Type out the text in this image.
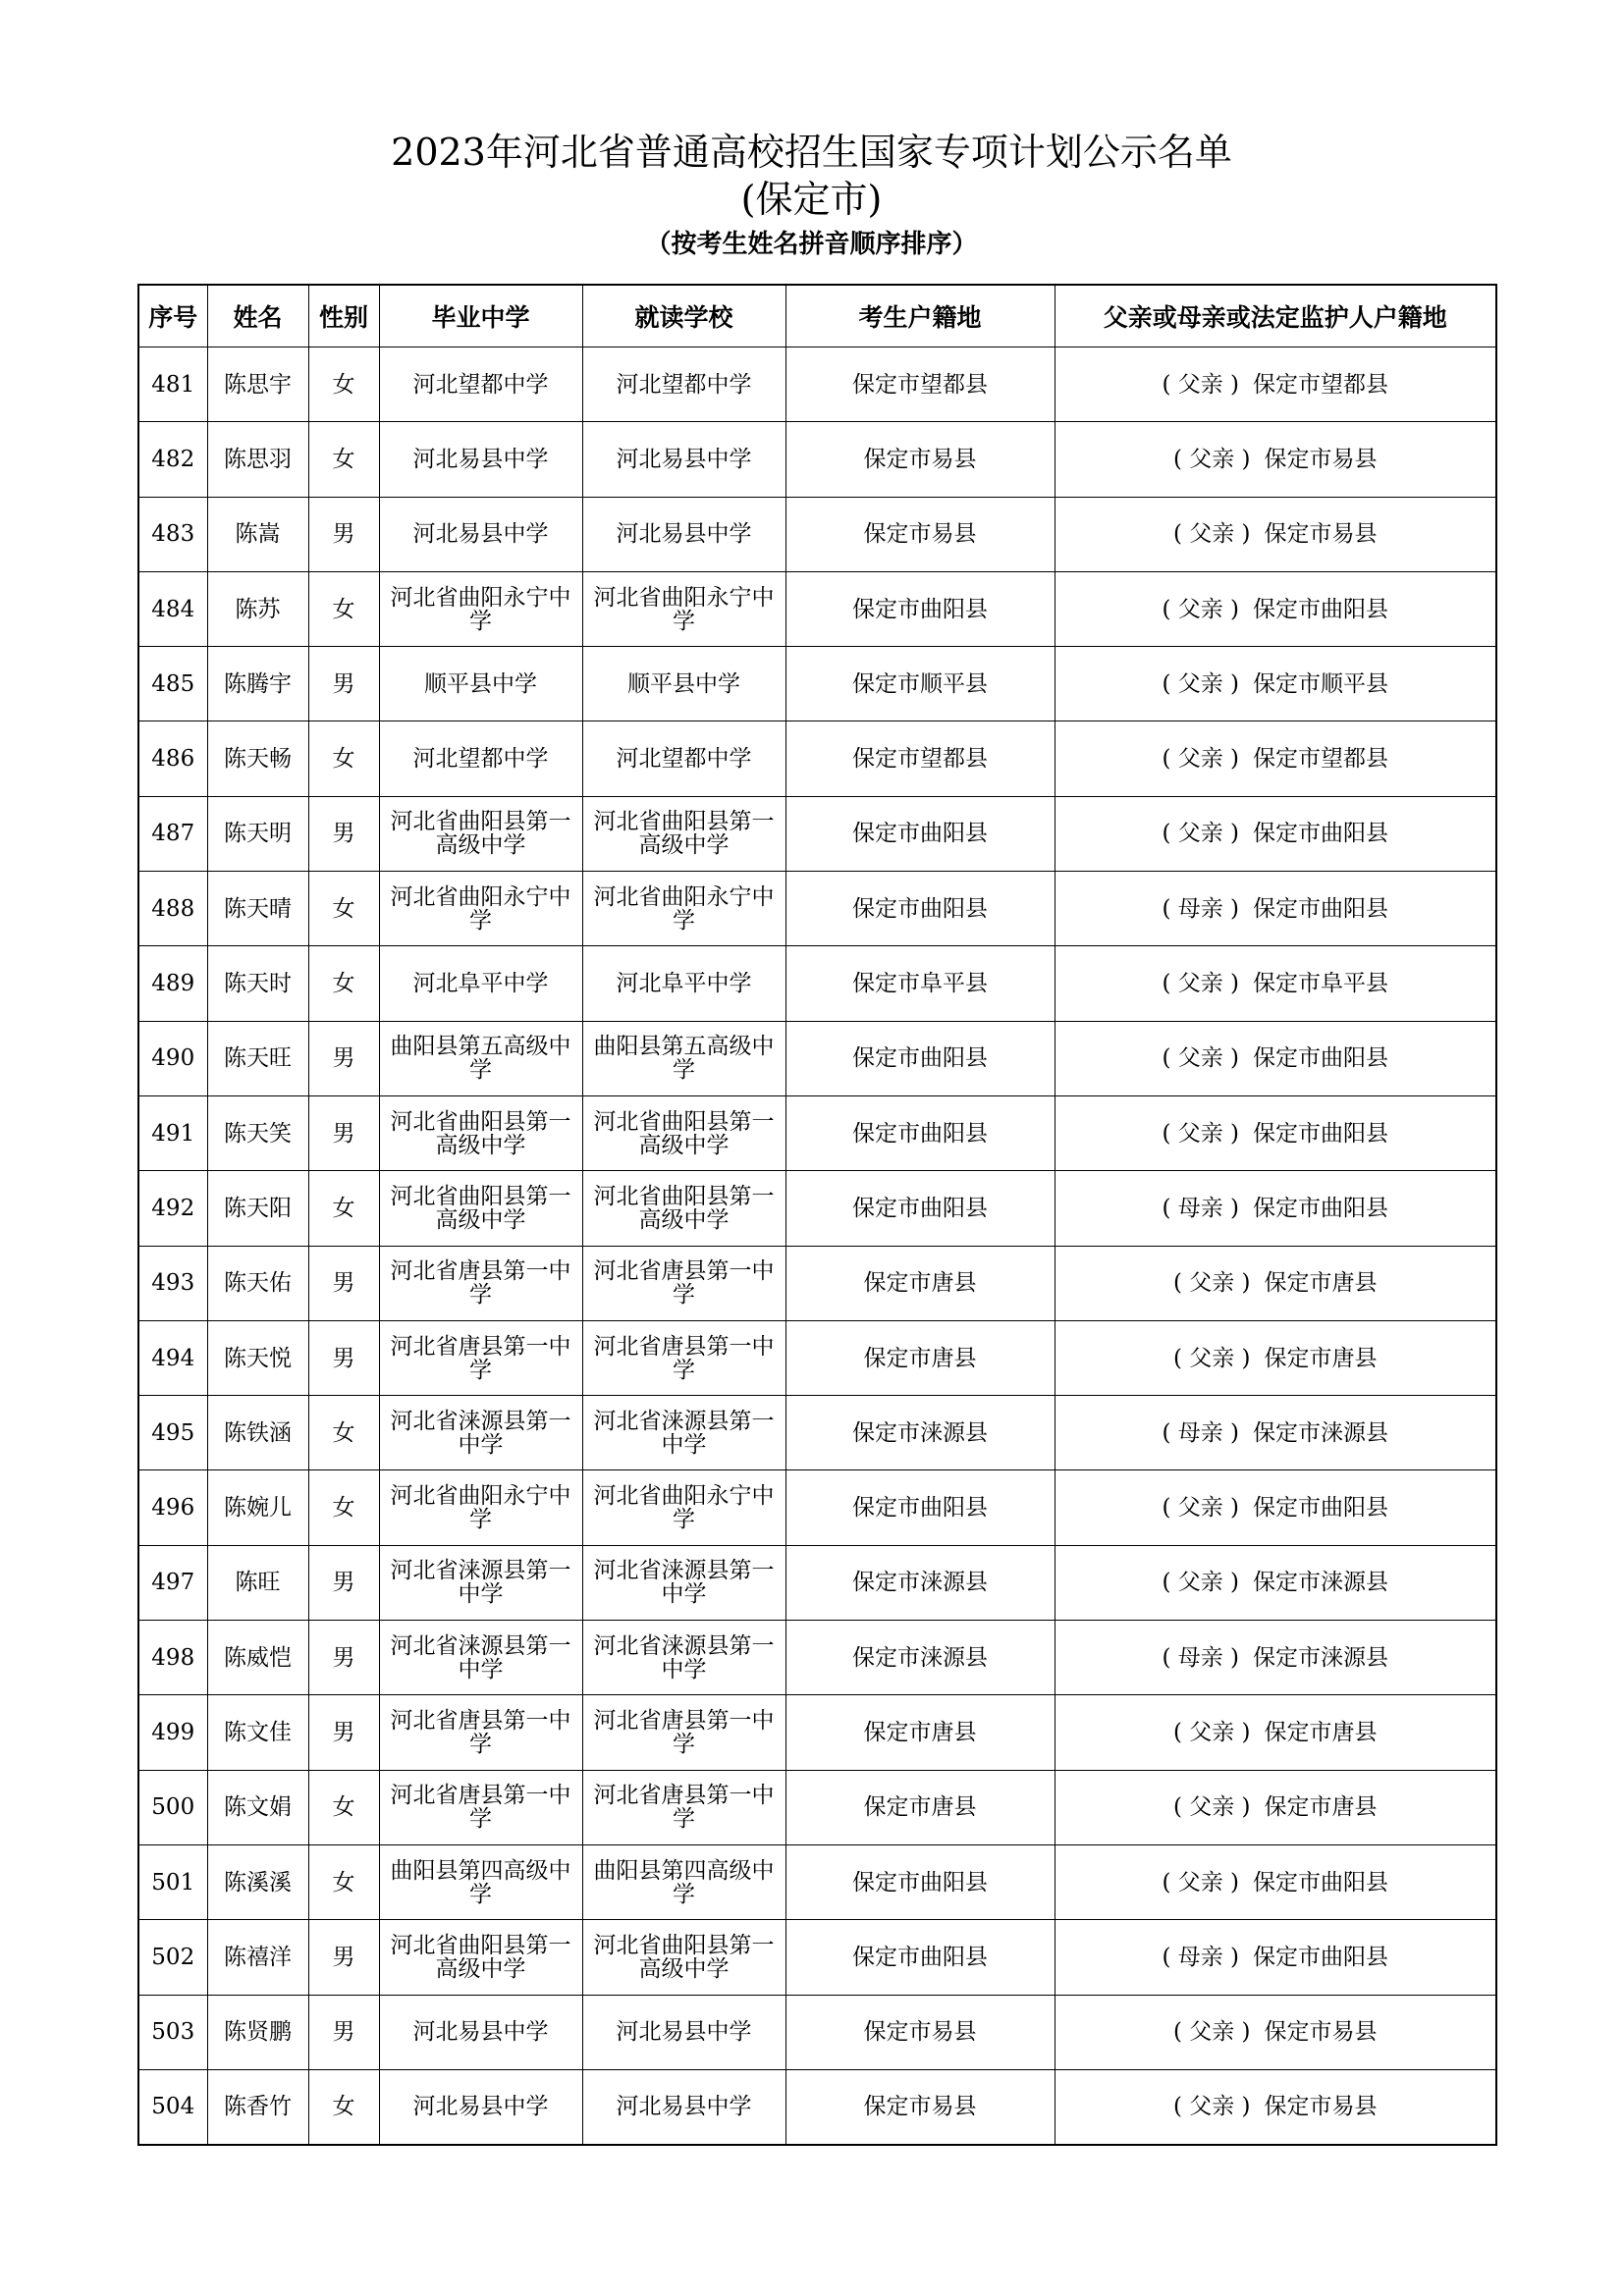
2023年河北省普通高校招生国家专项计划公示名单
(保定市)
（按考生姓名拼音顺序排序）
序号	姓名	性别	毕业中学	就读学校	考生户籍地	父亲或母亲或法定监护人户籍地
481	陈思宇	女	河北望都中学	河北望都中学	保定市望都县	( 父亲 ) 保定市望都县
482	陈思羽	女	河北易县中学	河北易县中学	保定市易县	( 父亲 ) 保定市易县
483	陈嵩	男	河北易县中学	河北易县中学	保定市易县	( 父亲 ) 保定市易县
484	陈苏	女	河北省曲阳永宁中学	河北省曲阳永宁中学	保定市曲阳县	( 父亲 ) 保定市曲阳县
485	陈腾宇	男	顺平县中学	顺平县中学	保定市顺平县	( 父亲 ) 保定市顺平县
486	陈天畅	女	河北望都中学	河北望都中学	保定市望都县	( 父亲 ) 保定市望都县
487	陈天明	男	河北省曲阳县第一高级中学	河北省曲阳县第一高级中学	保定市曲阳县	( 父亲 ) 保定市曲阳县
488	陈天晴	女	河北省曲阳永宁中学	河北省曲阳永宁中学	保定市曲阳县	( 母亲 ) 保定市曲阳县
489	陈天时	女	河北阜平中学	河北阜平中学	保定市阜平县	( 父亲 ) 保定市阜平县
490	陈天旺	男	曲阳县第五高级中学	曲阳县第五高级中学	保定市曲阳县	( 父亲 ) 保定市曲阳县
491	陈天笑	男	河北省曲阳县第一高级中学	河北省曲阳县第一高级中学	保定市曲阳县	( 父亲 ) 保定市曲阳县
492	陈天阳	女	河北省曲阳县第一高级中学	河北省曲阳县第一高级中学	保定市曲阳县	( 母亲 ) 保定市曲阳县
493	陈天佑	男	河北省唐县第一中学	河北省唐县第一中学	保定市唐县	( 父亲 ) 保定市唐县
494	陈天悦	男	河北省唐县第一中学	河北省唐县第一中学	保定市唐县	( 父亲 ) 保定市唐县
495	陈铁涵	女	河北省涞源县第一中学	河北省涞源县第一中学	保定市涞源县	( 母亲 ) 保定市涞源县
496	陈婉儿	女	河北省曲阳永宁中学	河北省曲阳永宁中学	保定市曲阳县	( 父亲 ) 保定市曲阳县
497	陈旺	男	河北省涞源县第一中学	河北省涞源县第一中学	保定市涞源县	( 父亲 ) 保定市涞源县
498	陈威恺	男	河北省涞源县第一中学	河北省涞源县第一中学	保定市涞源县	( 母亲 ) 保定市涞源县
499	陈文佳	男	河北省唐县第一中学	河北省唐县第一中学	保定市唐县	( 父亲 ) 保定市唐县
500	陈文娟	女	河北省唐县第一中学	河北省唐县第一中学	保定市唐县	( 父亲 ) 保定市唐县
501	陈溪溪	女	曲阳县第四高级中学	曲阳县第四高级中学	保定市曲阳县	( 父亲 ) 保定市曲阳县
502	陈禧洋	男	河北省曲阳县第一高级中学	河北省曲阳县第一高级中学	保定市曲阳县	( 母亲 ) 保定市曲阳县
503	陈贤鹏	男	河北易县中学	河北易县中学	保定市易县	( 父亲 ) 保定市易县
504	陈香竹	女	河北易县中学	河北易县中学	保定市易县	( 父亲 ) 保定市易县
